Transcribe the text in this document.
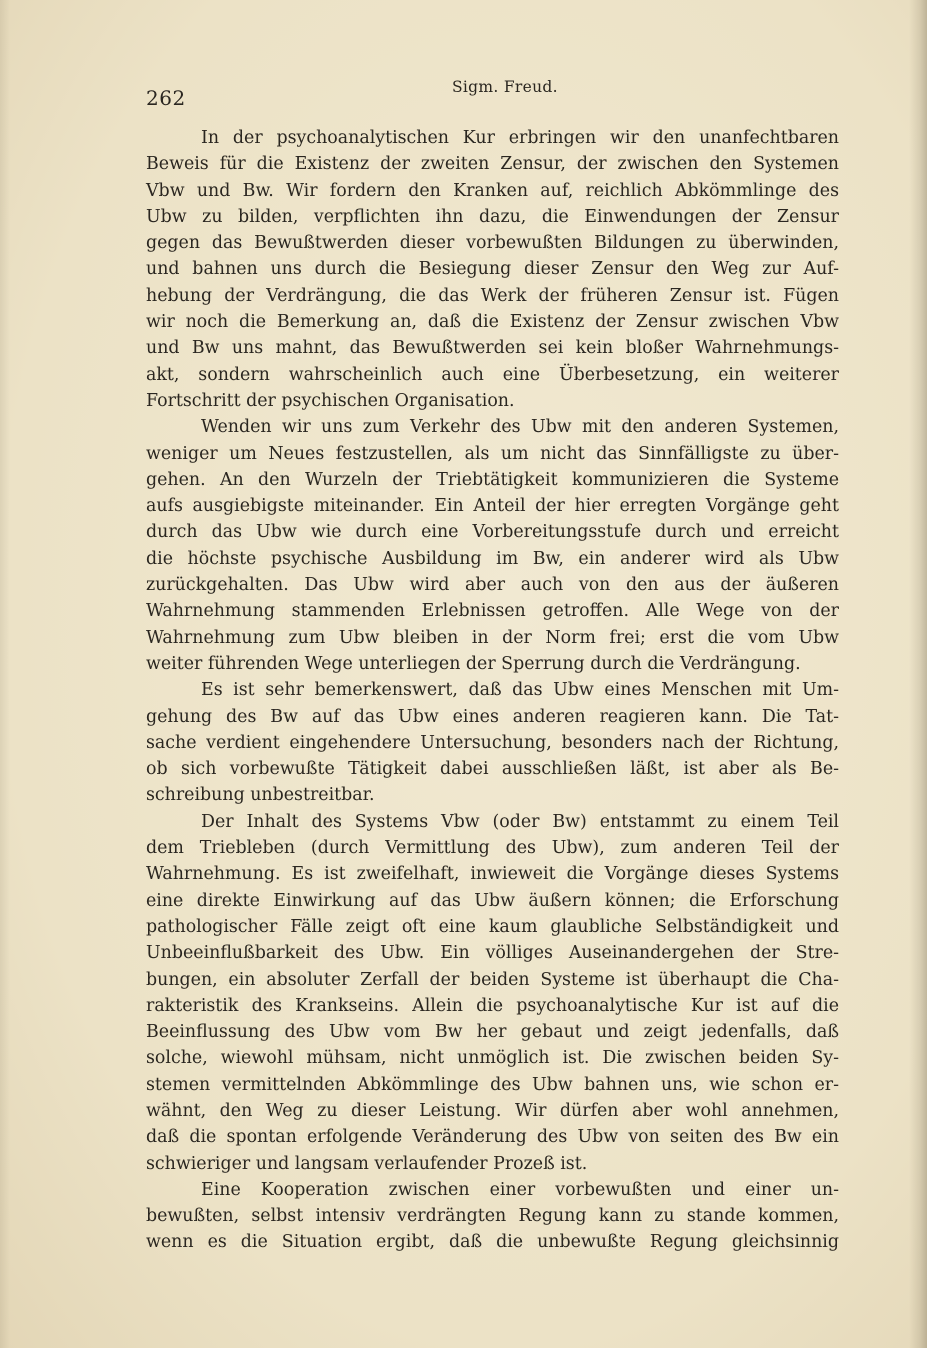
262	Sigm. Freud.
In der psychoanalytischen Kur erbringen wir den unanfechtbaren
Beweis für die Existenz der zweiten Zensur, der zwischen den Systemen
Vbw und Bw. Wir fordern den Kranken auf, reichlich Abkömmlinge des
Ubw zu bilden, verpflichten ihn dazu, die Einwendungen der Zensur
gegen das Bewußtwerden dieser vorbewußten Bildungen zu überwinden,
und bahnen uns durch die Besiegung dieser Zensur den Weg zur Auf-
hebung der Verdrängung, die das Werk der früheren Zensur ist. Fügen
wir noch die Bemerkung an, daß die Existenz der Zensur zwischen Vbw
und Bw uns mahnt, das Bewußtwerden sei kein bloßer Wahrnehmungs-
akt, sondern wahrscheinlich auch eine Überbesetzung, ein weiterer
Fortschritt der psychischen Organisation.
Wenden wir uns zum Verkehr des Ubw mit den anderen Systemen,
weniger um Neues festzustellen, als um nicht das Sinnfälligste zu über-
gehen. An den Wurzeln der Triebtätigkeit kommunizieren die Systeme
aufs ausgiebigste miteinander. Ein Anteil der hier erregten Vorgänge geht
durch das Ubw wie durch eine Vorbereitungsstufe durch und erreicht
die höchste psychische Ausbildung im Bw, ein anderer wird als Ubw
zurückgehalten. Das Ubw wird aber auch von den aus der äußeren
Wahrnehmung stammenden Erlebnissen getroffen. Alle Wege von der
Wahrnehmung zum Ubw bleiben in der Norm frei; erst die vom Ubw
weiter führenden Wege unterliegen der Sperrung durch die Verdrängung.
Es ist sehr bemerkenswert, daß das Ubw eines Menschen mit Um-
gehung des Bw auf das Ubw eines anderen reagieren kann. Die Tat-
sache verdient eingehendere Untersuchung, besonders nach der Richtung,
ob sich vorbewußte Tätigkeit dabei ausschließen läßt, ist aber als Be-
schreibung unbestreitbar.
Der Inhalt des Systems Vbw (oder Bw) entstammt zu einem Teil
dem Triebleben (durch Vermittlung des Ubw), zum anderen Teil der
Wahrnehmung. Es ist zweifelhaft, inwieweit die Vorgänge dieses Systems
eine direkte Einwirkung auf das Ubw äußern können; die Erforschung
pathologischer Fälle zeigt oft eine kaum glaubliche Selbständigkeit und
Unbeeinflußbarkeit des Ubw. Ein völliges Auseinandergehen der Stre-
bungen, ein absoluter Zerfall der beiden Systeme ist überhaupt die Cha-
rakteristik des Krankseins. Allein die psychoanalytische Kur ist auf die
Beeinflussung des Ubw vom Bw her gebaut und zeigt jedenfalls, daß
solche, wiewohl mühsam, nicht unmöglich ist. Die zwischen beiden Sy-
stemen vermittelnden Abkömmlinge des Ubw bahnen uns, wie schon er-
wähnt, den Weg zu dieser Leistung. Wir dürfen aber wohl annehmen,
daß die spontan erfolgende Veränderung des Ubw von seiten des Bw ein
schwieriger und langsam verlaufender Prozeß ist.
Eine Kooperation zwischen einer vorbewußten und einer un-
bewußten, selbst intensiv verdrängten Regung kann zu stande kommen,
wenn es die Situation ergibt, daß die unbewußte Regung gleichsinnig
